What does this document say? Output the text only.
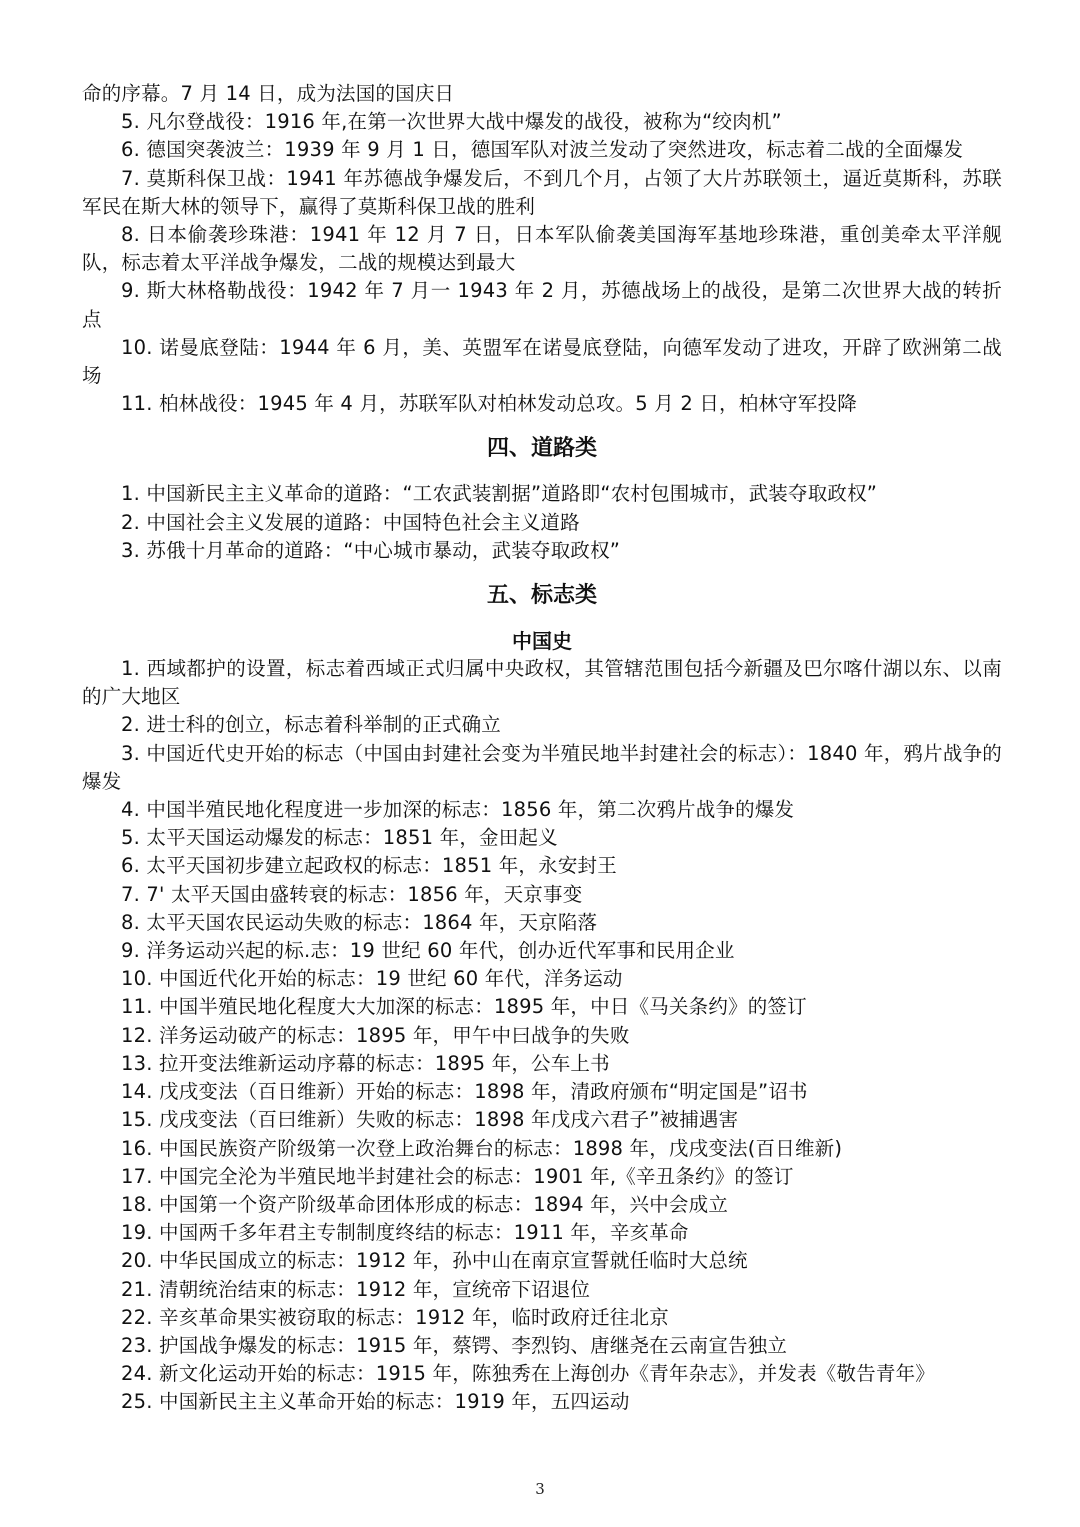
命的序幕。7 月 14 日，成为法国的国庆日
5. 凡尔登战役：1916 年,在第一次世界大战中爆发的战役，被称为“绞肉机”
6. 德国突袭波兰：1939 年 9 月 1 日，德国军队对波兰发动了突然进攻，标志着二战的全面爆发
7. 莫斯科保卫战：1941 年苏德战争爆发后，不到几个月，占领了大片苏联领土，逼近莫斯科，苏联军民在斯大林的领导下，赢得了莫斯科保卫战的胜利
8. 日本偷袭珍珠港：1941 年 12 月 7 日，日本军队偷袭美国海军基地珍珠港，重创美牵太平洋舰队，标志着太平洋战争爆发，二战的规模达到最大
9. 斯大林格勒战役：1942 年 7 月一 1943 年 2 月，苏德战场上的战役，是第二次世界大战的转折点
10. 诺曼底登陆：1944 年 6 月，美、英盟军在诺曼底登陆，向德军发动了进攻，开辟了欧洲第二战场
11. 柏林战役：1945 年 4 月，苏联军队对柏林发动总攻。5 月 2 日，柏林守军投降
四、道路类
1. 中国新民主主义革命的道路：“工农武装割据”道路即“农村包围城市，武装夺取政权”
2. 中国社会主义发展的道路：中国特色社会主义道路
3. 苏俄十月革命的道路：“中心城市暴动，武装夺取政权”
五、标志类
中国史
1. 西域都护的设置，标志着西域正式归属中央政权，其管辖范围包括今新疆及巴尔喀什湖以东、以南的广大地区
2. 进士科的创立，标志着科举制的正式确立
3. 中国近代史开始的标志（中国由封建社会变为半殖民地半封建社会的标志）：1840 年，鸦片战争的爆发
4. 中国半殖民地化程度进一步加深的标志：1856 年，第二次鸦片战争的爆发
5. 太平天国运动爆发的标志：1851 年，金田起义
6. 太平天国初步建立起政权的标志：1851 年，永安封王
7. 7' 太平天国由盛转衰的标志：1856 年，天京事变
8. 太平天国农民运动失败的标志：1864 年，天京陷落
9. 洋务运动兴起的标.志：19 世纪 60 年代，创办近代军事和民用企业
10. 中国近代化开始的标志：19 世纪 60 年代，洋务运动
11. 中国半殖民地化程度大大加深的标志：1895 年，中日《马关条约》的签订
12. 洋务运动破产的标志：1895 年，甲午中曰战争的失败
13. 拉开变法维新运动序幕的标志：1895 年，公车上书
14. 戊戌变法（百日维新）开始的标志：1898 年，清政府颁布“明定国是”诏书
15. 戊戌变法（百曰维新）失败的标志：1898 年戊戌六君子”被捕遇害
16. 中国民族资产阶级第一次登上政治舞台的标志：1898 年，戊戌变法(百日维新)
17. 中国完全沦为半殖民地半封建社会的标志：1901 年,《辛丑条约》的签订
18. 中国第一个资产阶级革命团体形成的标志：1894 年，兴中会成立
19. 中国两千多年君主专制制度终结的标志：1911 年，辛亥革命
20. 中华民国成立的标志：1912 年，孙中山在南京宣誓就任临时大总统
21. 清朝统治结束的标志：1912 年，宣统帝下诏退位
22. 辛亥革命果实被窃取的标志：1912 年，临时政府迁往北京
23. 护国战争爆发的标志：1915 年，蔡锷、李烈钧、唐继尧在云南宣告独立
24. 新文化运动开始的标志：1915 年，陈独秀在上海创办《青年杂志》，并发表《敬告青年》
25. 中国新民主主义革命开始的标志：1919 年，五四运动
3
